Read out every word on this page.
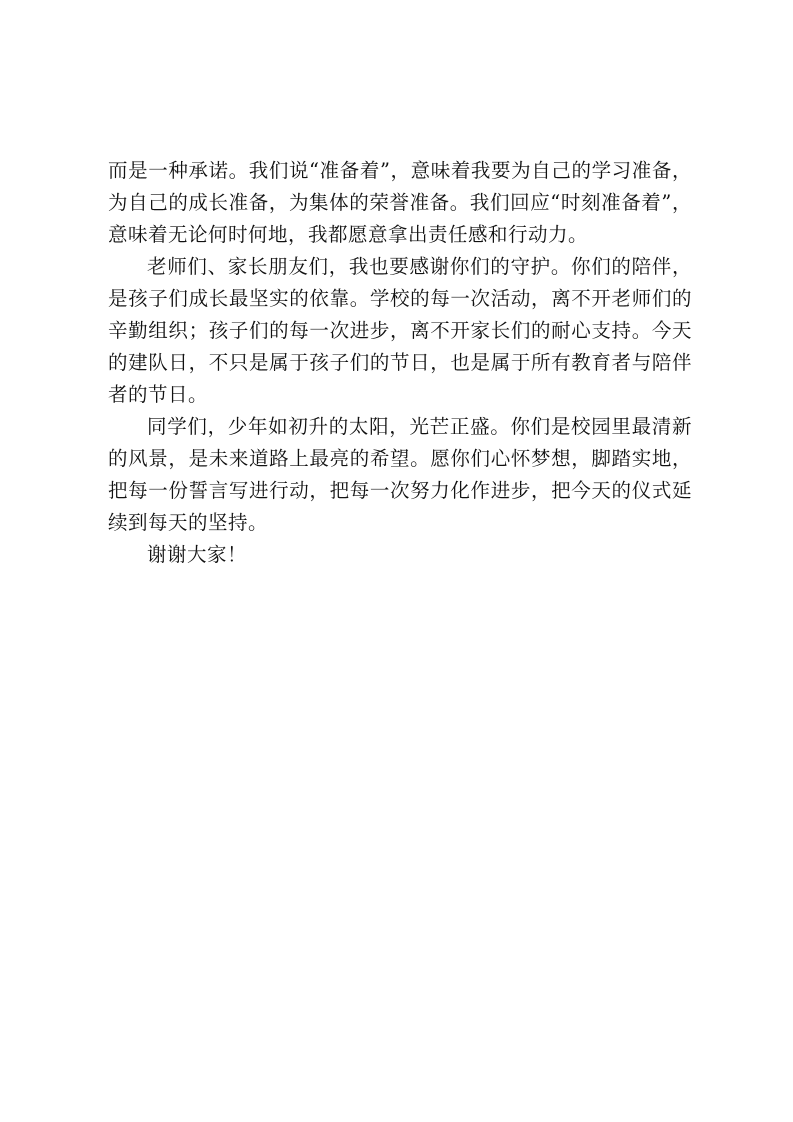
而是一种承诺。我们说“准备着”，意味着我要为自己的学习准备，为自己的成长准备，为集体的荣誉准备。我们回应“时刻准备着”，意味着无论何时何地，我都愿意拿出责任感和行动力。

老师们、家长朋友们，我也要感谢你们的守护。你们的陪伴，是孩子们成长最坚实的依靠。学校的每一次活动，离不开老师们的辛勤组织；孩子们的每一次进步，离不开家长们的耐心支持。今天的建队日，不只是属于孩子们的节日，也是属于所有教育者与陪伴者的节日。

同学们，少年如初升的太阳，光芒正盛。你们是校园里最清新的风景，是未来道路上最亮的希望。愿你们心怀梦想，脚踏实地，把每一份誓言写进行动，把每一次努力化作进步，把今天的仪式延续到每天的坚持。

谢谢大家！
